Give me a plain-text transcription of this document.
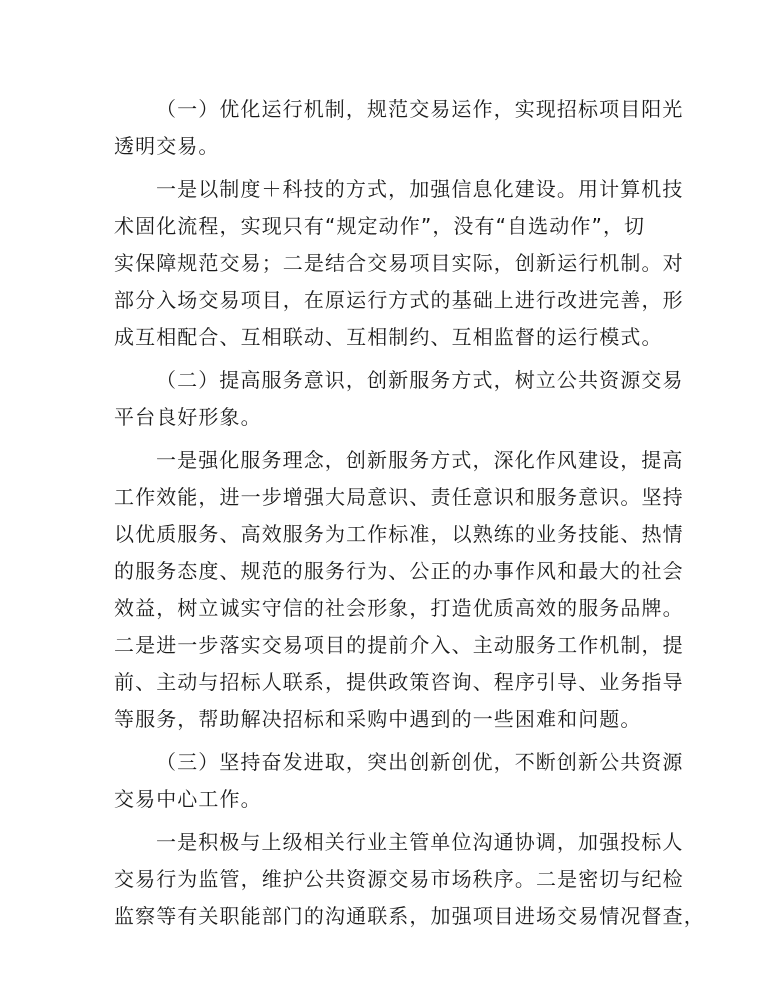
（一）优化运行机制，规范交易运作，实现招标项目阳光
透明交易。
一是以制度＋科技的方式，加强信息化建设。用计算机技
术固化流程，实现只有“规定动作”，没有“自选动作”，切
实保障规范交易；二是结合交易项目实际，创新运行机制。对
部分入场交易项目，在原运行方式的基础上进行改进完善，形
成互相配合、互相联动、互相制约、互相监督的运行模式。
（二）提高服务意识，创新服务方式，树立公共资源交易
平台良好形象。
一是强化服务理念，创新服务方式，深化作风建设，提高
工作效能，进一步增强大局意识、责任意识和服务意识。坚持
以优质服务、高效服务为工作标准，以熟练的业务技能、热情
的服务态度、规范的服务行为、公正的办事作风和最大的社会
效益，树立诚实守信的社会形象，打造优质高效的服务品牌。
二是进一步落实交易项目的提前介入、主动服务工作机制，提
前、主动与招标人联系，提供政策咨询、程序引导、业务指导
等服务，帮助解决招标和采购中遇到的一些困难和问题。
（三）坚持奋发进取，突出创新创优，不断创新公共资源
交易中心工作。
一是积极与上级相关行业主管单位沟通协调，加强投标人
交易行为监管，维护公共资源交易市场秩序。二是密切与纪检
监察等有关职能部门的沟通联系，加强项目进场交易情况督查，
